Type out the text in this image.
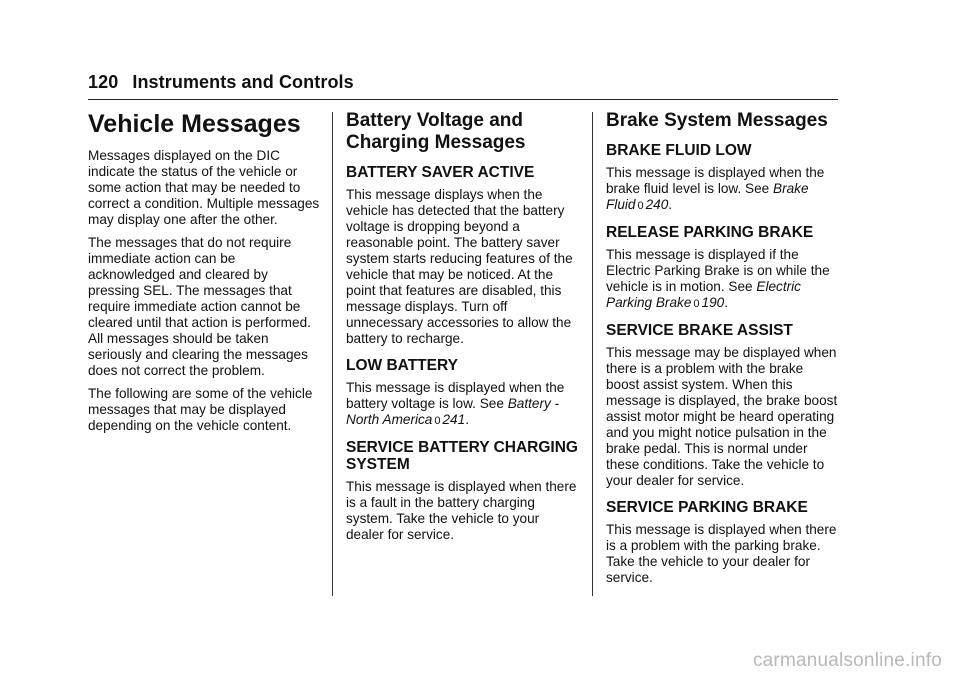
120 Instruments and Controls
Vehicle Messages

Messages displayed on the DIC indicate the status of the vehicle or some action that may be needed to correct a condition. Multiple messages may display one after the other.

The messages that do not require immediate action can be acknowledged and cleared by pressing SEL. The messages that require immediate action cannot be cleared until that action is performed. All messages should be taken seriously and clearing the messages does not correct the problem.

The following are some of the vehicle messages that may be displayed depending on the vehicle content.

Battery Voltage and Charging Messages
BATTERY SAVER ACTIVE

This message displays when the vehicle has detected that the battery voltage is dropping beyond a reasonable point. The battery saver system starts reducing features of the vehicle that may be noticed. At the point that features are disabled, this message displays. Turn off unnecessary accessories to allow the battery to recharge.

LOW BATTERY

This message is displayed when the battery voltage is low. See Battery - North America 0 241.

SERVICE BATTERY CHARGING SYSTEM

This message is displayed when there is a fault in the battery charging system. Take the vehicle to your dealer for service.

Brake System Messages
BRAKE FLUID LOW

This message is displayed when the brake fluid level is low. See Brake Fluid 0 240.

RELEASE PARKING BRAKE

This message is displayed if the Electric Parking Brake is on while the vehicle is in motion. See Electric Parking Brake 0 190.

SERVICE BRAKE ASSIST

This message may be displayed when there is a problem with the brake boost assist system. When this message is displayed, the brake boost assist motor might be heard operating and you might notice pulsation in the brake pedal. This is normal under these conditions. Take the vehicle to your dealer for service.

SERVICE PARKING BRAKE

This message is displayed when there is a problem with the parking brake. Take the vehicle to your dealer for service.

carmanualsonline.info
